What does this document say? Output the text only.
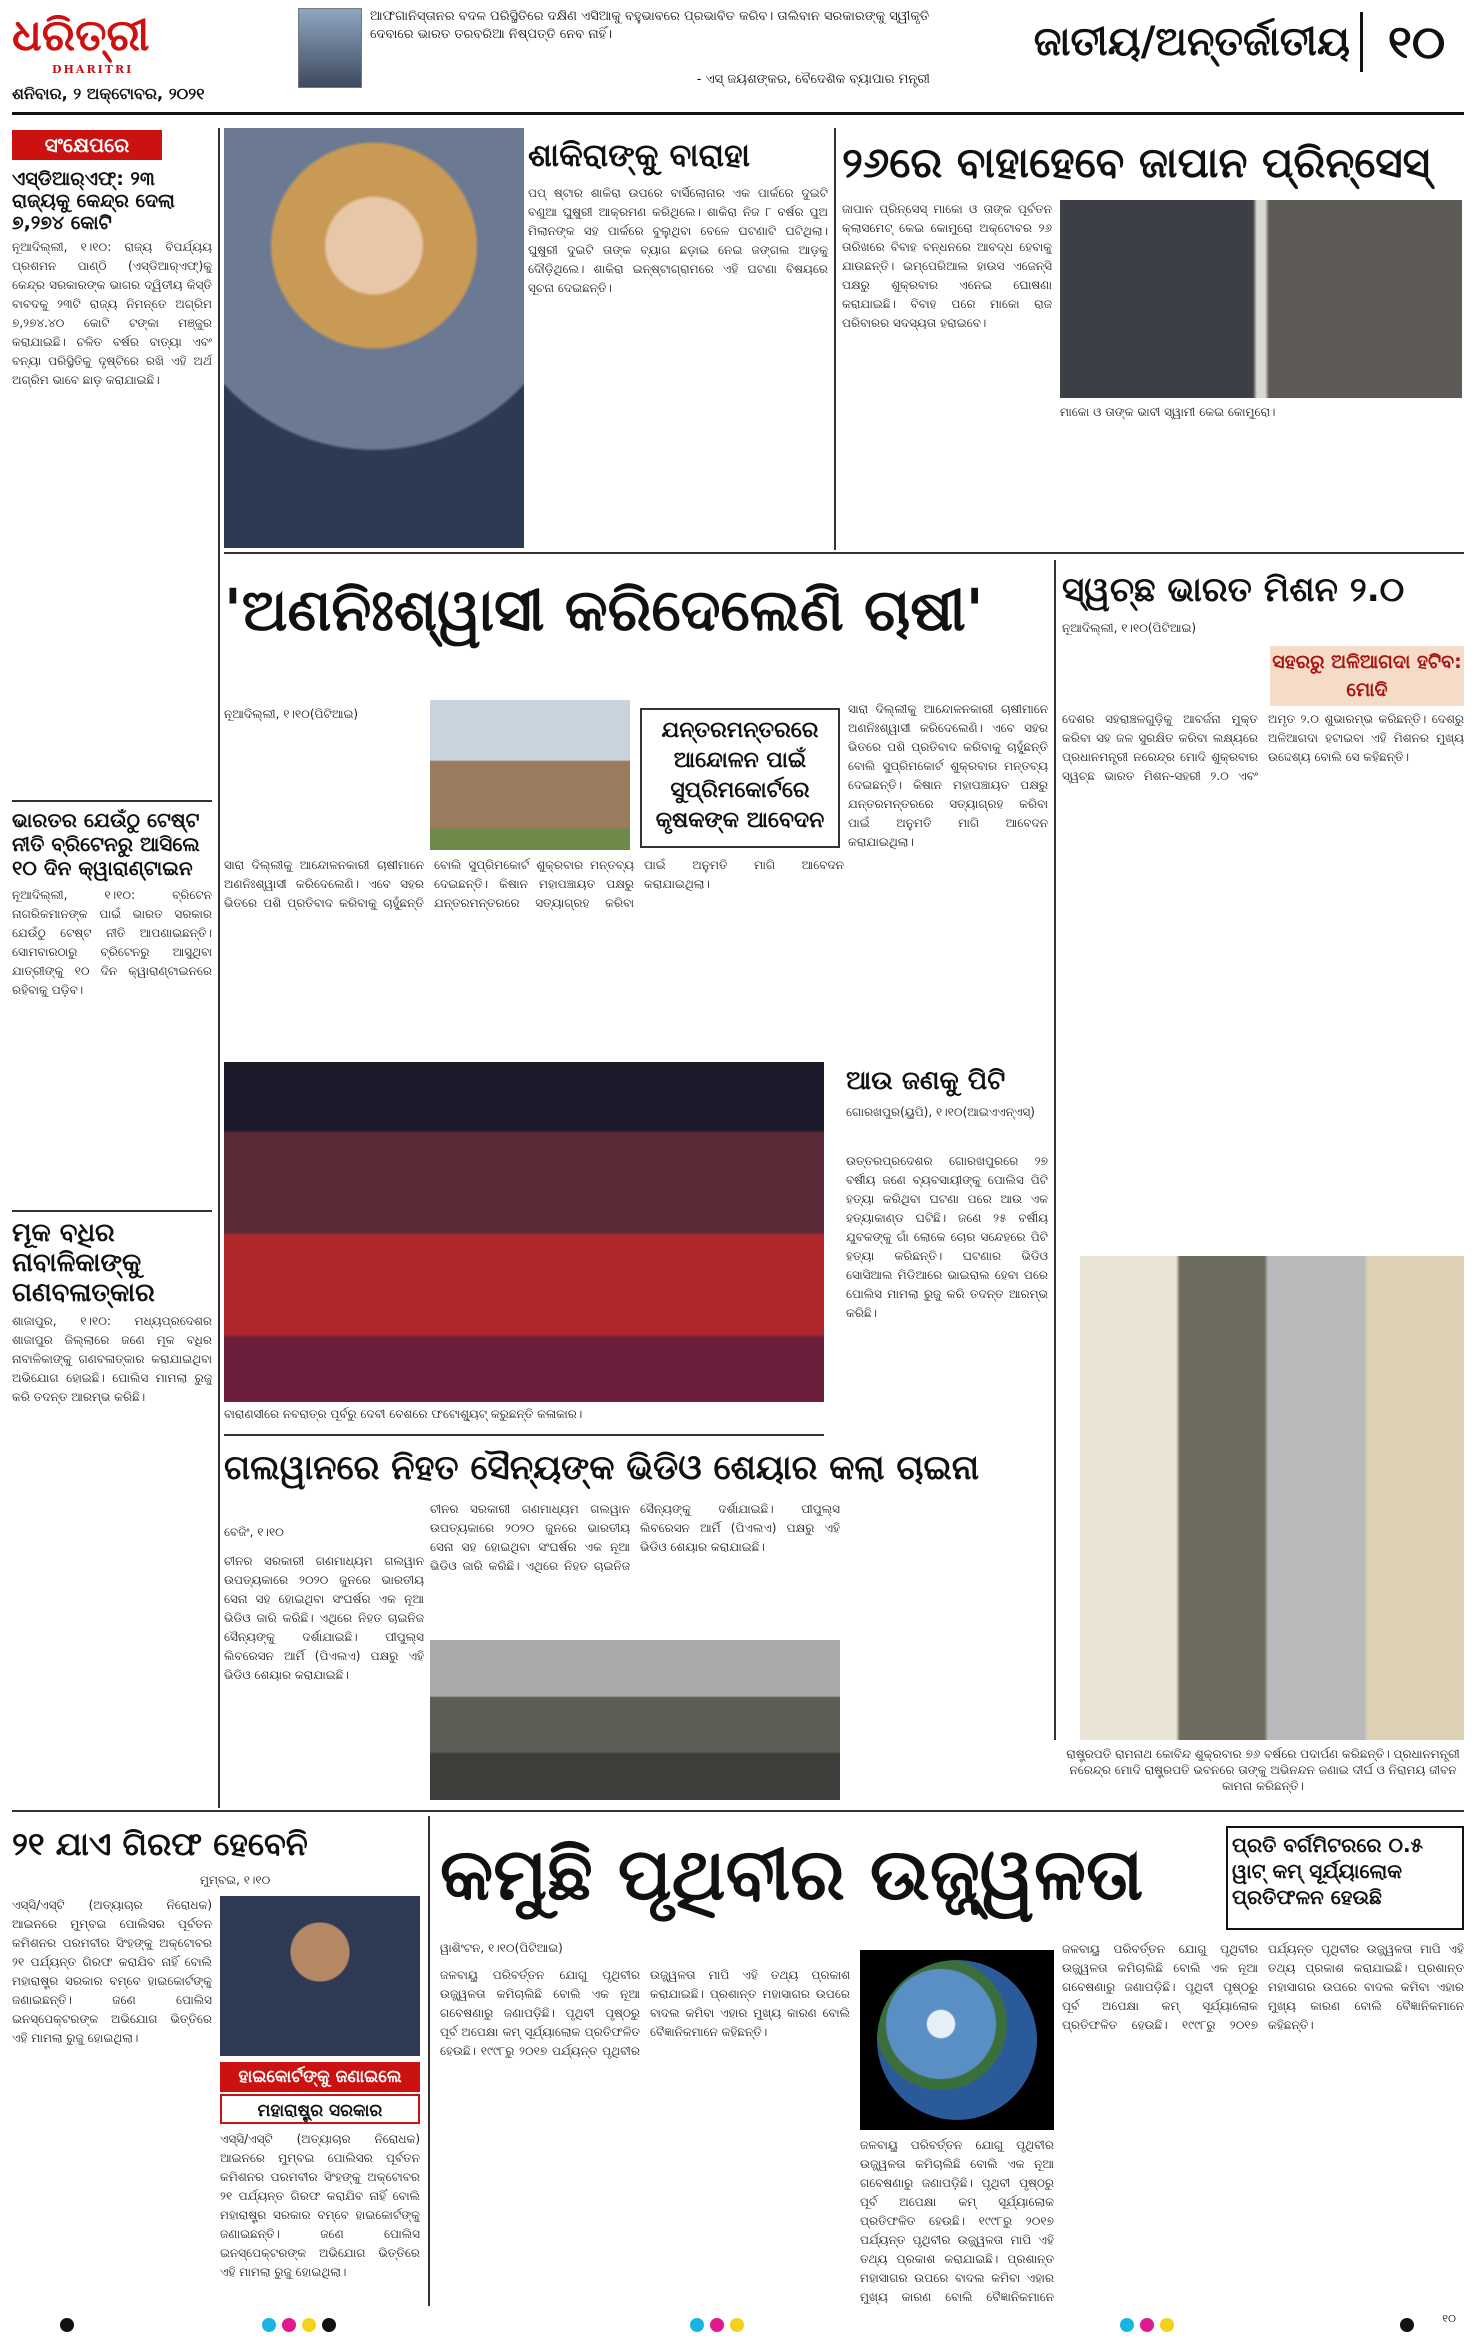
ଧରିତ୍ରୀ
DHARITRI
ଶନିବାର, ୨ ଅକ୍ଟୋବର, ୨୦୨୧
ଆଫଗାନିସ୍ତାନର ବଦଳ ପରିସ୍ଥିତିରେ ଦକ୍ଷିଣ ଏସିଆକୁ ବହୁଭାବରେ ପ୍ରଭାବିତ କରିବ। ତାଲିବାନ ସରକାରଙ୍କୁ ସ୍ୱୀକୃତି ଦେବାରେ ଭାରତ ତରବରିଆ ନିଷ୍ପତ୍ତି ନେବ ନାହିଁ।
- ଏସ୍ ଜୟଶଙ୍କର, ବୈଦେଶିକ ବ୍ୟାପାର ମନ୍ତ୍ରୀ
ଜାତୀୟ/ଅନ୍ତର୍ଜାତୀୟ ୧୦
ସଂକ୍ଷେପରେ
ଏସ୍‌ଡିଆର୍‌ଏଫ୍: ୨୩ ରାଜ୍ୟକୁ କେନ୍ଦ୍ର ଦେଲା ୭,୨୭୪ କୋଟି
ନୂଆଦିଲ୍ଲୀ, ୧।୧୦: ରାଜ୍ୟ ବିପର୍ଯ୍ୟୟ ପ୍ରଶମନ ପାଣ୍ଠି (ଏସ୍‌ଡିଆର୍‌ଏଫ୍)କୁ କେନ୍ଦ୍ର ସରକାରଙ୍କ ଭାଗର ଦ୍ୱିତୀୟ କିସ୍ତି ବାବଦକୁ ୨୩ଟି ରାଜ୍ୟ ନିମନ୍ତେ ଅଗ୍ରିମ ୭,୨୭୪.୪୦ କୋଟି ଟଙ୍କା ମଞ୍ଜୁର କରାଯାଇଛି। ଚଳିତ ବର୍ଷର ବାତ୍ୟା ଏବଂ ବନ୍ୟା ପରିସ୍ଥିତିକୁ ଦୃଷ୍ଟିରେ ରଖି ଏହି ଅର୍ଥ ଅଗ୍ରିମ ଭାବେ ଛାଡ଼ କରାଯାଇଛି।
ଭାରତର ଯେଉଁଠୁ ଟେଷ୍ଟ ନୀତି ବ୍ରିଟେନରୁ ଆସିଲେ ୧୦ ଦିନ କ୍ୱାରାଣ୍ଟାଇନ
ନୂଆଦିଲ୍ଲୀ, ୧।୧୦: ବ୍ରିଟେନ ନାଗରିକମାନଙ୍କ ପାଇଁ ଭାରତ ସରକାର ଯେଉଁଠୁ ଟେଷ୍ଟ ନୀତି ଆପଣାଇଛନ୍ତି। ସୋମବାରଠାରୁ ବ୍ରିଟେନରୁ ଆସୁଥିବା ଯାତ୍ରୀଙ୍କୁ ୧୦ ଦିନ କ୍ୱାରାଣ୍ଟାଇନରେ ରହିବାକୁ ପଡ଼ିବ।
ମୂକ ବଧିର ନାବାଳିକାଙ୍କୁ ଗଣବଳାତ୍କାର
ଶାଜାପୁର, ୧।୧୦: ମଧ୍ୟପ୍ରଦେଶର ଶାଜାପୁର ଜିଲ୍ଲାରେ ଜଣେ ମୂକ ବଧିର ନାବାଳିକାଙ୍କୁ ଗଣବଳାତ୍କାର କରାଯାଇଥିବା ଅଭିଯୋଗ ହୋଇଛି। ପୋଲିସ ମାମଲା ରୁଜୁ କରି ତଦନ୍ତ ଆରମ୍ଭ କରିଛି।
ଶାକିରାଙ୍କୁ ବାରାହା
ପପ୍ ଷ୍ଟାର ଶାକିରା ଉପରେ ବାର୍ସିଲୋନାର ଏକ ପାର୍କରେ ଦୁଇଟି ବଣୁଆ ଘୁଷୁରୀ ଆକ୍ରମଣ କରିଥିଲେ। ଶାକିରା ନିଜ ୮ ବର୍ଷର ପୁଅ ମିଲାନଙ୍କ ସହ ପାର୍କରେ ବୁଲୁଥିବା ବେଳେ ଘଟଣାଟି ଘଟିଥିଲା। ଘୁଷୁରୀ ଦୁଇଟି ତାଙ୍କ ବ୍ୟାଗ ଛଡ଼ାଇ ନେଇ ଜଙ୍ଗଲ ଆଡ଼କୁ ଦୌଡ଼ିଥିଲେ। ଶାକିରା ଇନ୍‌ଷ୍ଟାଗ୍ରାମରେ ଏହି ଘଟଣା ବିଷୟରେ ସୂଚନା ଦେଇଛନ୍ତି।
୨୬ରେ ବାହାହେବେ ଜାପାନ ପ୍ରିନ୍‌ସେସ୍
ଜାପାନ ପ୍ରିନ୍‌ସେସ୍ ମାକୋ ଓ ତାଙ୍କ ପୂର୍ବତନ କ୍ଲାସମେଟ୍ କେଇ କୋମୁରୋ ଅକ୍ଟୋବର ୨୬ ତାରିଖରେ ବିବାହ ବନ୍ଧନରେ ଆବଦ୍ଧ ହେବାକୁ ଯାଉଛନ୍ତି। ଇମ୍ପେରିଆଲ ହାଉସ ଏଜେନ୍ସି ପକ୍ଷରୁ ଶୁକ୍ରବାର ଏନେଇ ଘୋଷଣା କରାଯାଇଛି। ବିବାହ ପରେ ମାକୋ ରାଜ ପରିବାରର ସଦସ୍ୟତା ହରାଇବେ।
ମାକୋ ଓ ତାଙ୍କ ଭାବୀ ସ୍ୱାମୀ କେଇ କୋମୁରୋ।
'ଅଣନିଃଶ୍ୱାସୀ କରିଦେଲେଣି ଚାଷୀ'
ନୂଆଦିଲ୍ଲୀ, ୧।୧୦(ପିଟିଆଇ)
ଯନ୍ତରମନ୍ତରରେ ଆନ୍ଦୋଳନ ପାଇଁ ସୁପ୍ରିମକୋର୍ଟରେ କୃଷକଙ୍କ ଆବେଦନ
ସାରା ଦିଲ୍ଲୀକୁ ଆନ୍ଦୋଳନକାରୀ ଚାଷୀମାନେ ଅଣନିଃଶ୍ୱାସୀ କରିଦେଲେଣି। ଏବେ ସହର ଭିତରେ ପଶି ପ୍ରତିବାଦ କରିବାକୁ ଚାହୁଁଛନ୍ତି ବୋଲି ସୁପ୍ରିମକୋର୍ଟ ଶୁକ୍ରବାର ମନ୍ତବ୍ୟ ଦେଇଛନ୍ତି। କିଷାନ ମହାପଞ୍ଚାୟତ ପକ୍ଷରୁ ଯନ୍ତରମନ୍ତରରେ ସତ୍ୟାଗ୍ରହ କରିବା ପାଇଁ ଅନୁମତି ମାଗି ଆବେଦନ କରାଯାଇଥିଲା।
ସାରା ଦିଲ୍ଲୀକୁ ଆନ୍ଦୋଳନକାରୀ ଚାଷୀମାନେ ଅଣନିଃଶ୍ୱାସୀ କରିଦେଲେଣି। ଏବେ ସହର ଭିତରେ ପଶି ପ୍ରତିବାଦ କରିବାକୁ ଚାହୁଁଛନ୍ତି ବୋଲି ସୁପ୍ରିମକୋର୍ଟ ଶୁକ୍ରବାର ମନ୍ତବ୍ୟ ଦେଇଛନ୍ତି। କିଷାନ ମହାପଞ୍ଚାୟତ ପକ୍ଷରୁ ଯନ୍ତରମନ୍ତରରେ ସତ୍ୟାଗ୍ରହ କରିବା ପାଇଁ ଅନୁମତି ମାଗି ଆବେଦନ କରାଯାଇଥିଲା।
ସ୍ୱଚ୍ଛ ଭାରତ ମିଶନ ୨.୦
ନୂଆଦିଲ୍ଲୀ, ୧।୧୦(ପିଟିଆଇ)
ସହରରୁ ଅଳିଆଗଦା ହଟିବ: ମୋଦି
ଦେଶର ସହରାଞ୍ଚଳଗୁଡ଼ିକୁ ଆବର୍ଜନା ମୁକ୍ତ କରିବା ସହ ଜଳ ସୁରକ୍ଷିତ କରିବା ଲକ୍ଷ୍ୟରେ ପ୍ରଧାନମନ୍ତ୍ରୀ ନରେନ୍ଦ୍ର ମୋଦି ଶୁକ୍ରବାର ସ୍ୱଚ୍ଛ ଭାରତ ମିଶନ-ସହରୀ ୨.୦ ଏବଂ ଅମୃତ ୨.୦ ଶୁଭାରମ୍ଭ କରିଛନ୍ତି। ଦେଶରୁ ଅଳିଆଗଦା ହଟାଇବା ଏହି ମିଶନର ମୁଖ୍ୟ ଉଦ୍ଦେଶ୍ୟ ବୋଲି ସେ କହିଛନ୍ତି।
ବାରାଣସୀରେ ନବରାତ୍ର ପୂର୍ବରୁ ଦେବୀ ବେଶରେ ଫଟୋଶ୍ୟୁଟ୍ କରୁଛନ୍ତି କଳାକାର।
ଆଉ ଜଣକୁ ପିଟି
ଗୋରଖପୁର(ୟୁପି), ୧।୧୦(ଆଇଏଏନ୍‌ଏସ୍)
ଉତ୍ତରପ୍ରଦେଶର ଗୋରଖପୁରରେ ୨୭ ବର୍ଷୀୟ ଜଣେ ବ୍ୟବସାୟୀଙ୍କୁ ପୋଲିସ ପିଟି ହତ୍ୟା କରିଥିବା ଘଟଣା ପରେ ଆଉ ଏକ ହତ୍ୟାକାଣ୍ଡ ଘଟିଛି। ଜଣେ ୨୫ ବର୍ଷୀୟ ଯୁବକଙ୍କୁ ଗାଁ ଲୋକେ ଚୋର ସନ୍ଦେହରେ ପିଟି ହତ୍ୟା କରିଛନ୍ତି। ଘଟଣାର ଭିଡିଓ ସୋସିଆଲ ମିଡିଆରେ ଭାଇରାଲ ହେବା ପରେ ପୋଲିସ ମାମଲା ରୁଜୁ କରି ତଦନ୍ତ ଆରମ୍ଭ କରିଛି।
ରାଷ୍ଟ୍ରପତି ରାମନାଥ କୋବିନ୍ଦ ଶୁକ୍ରବାର ୭୬ ବର୍ଷରେ ପଦାର୍ପଣ କରିଛନ୍ତି। ପ୍ରଧାନମନ୍ତ୍ରୀ ନରେନ୍ଦ୍ର ମୋଦି ରାଷ୍ଟ୍ରପତି ଭବନରେ ତାଙ୍କୁ ଅଭିନନ୍ଦନ ଜଣାଇ ଦୀର୍ଘ ଓ ନିରାମୟ ଜୀବନ କାମନା କରିଛନ୍ତି।
ଗଲୱାନରେ ନିହତ ସୈନ୍ୟଙ୍କ ଭିଡିଓ ଶେୟାର କଲା ଚାଇନା
ବେଜିଂ, ୧।୧୦
ଚୀନର ସରକାରୀ ଗଣମାଧ୍ୟମ ଗଲୱାନ ଉପତ୍ୟକାରେ ୨୦୨୦ ଜୁନରେ ଭାରତୀୟ ସେନା ସହ ହୋଇଥିବା ସଂଘର୍ଷର ଏକ ନୂଆ ଭିଡିଓ ଜାରି କରିଛି। ଏଥିରେ ନିହତ ଚାଇନିଜ ସୈନ୍ୟଙ୍କୁ ଦର୍ଶାଯାଇଛି। ପୀପୁଲ୍ସ ଲିବରେସନ ଆର୍ମି (ପିଏଲଏ) ପକ୍ଷରୁ ଏହି ଭିଡିଓ ଶେୟାର କରାଯାଇଛି।
ଚୀନର ସରକାରୀ ଗଣମାଧ୍ୟମ ଗଲୱାନ ଉପତ୍ୟକାରେ ୨୦୨୦ ଜୁନରେ ଭାରତୀୟ ସେନା ସହ ହୋଇଥିବା ସଂଘର୍ଷର ଏକ ନୂଆ ଭିଡିଓ ଜାରି କରିଛି। ଏଥିରେ ନିହତ ଚାଇନିଜ ସୈନ୍ୟଙ୍କୁ ଦର୍ଶାଯାଇଛି। ପୀପୁଲ୍ସ ଲିବରେସନ ଆର୍ମି (ପିଏଲଏ) ପକ୍ଷରୁ ଏହି ଭିଡିଓ ଶେୟାର କରାଯାଇଛି।
୨୧ ଯାଏ ଗିରଫ ହେବେନି
ମୁମ୍ବଇ, ୧।୧୦
ଏସ୍‌ସି/ଏସ୍‌ଟି (ଅତ୍ୟାଚାର ନିରୋଧକ) ଆଇନରେ ମୁମ୍ବଇ ପୋଲିସର ପୂର୍ବତନ କମିଶନର ପରମବୀର ସିଂହଙ୍କୁ ଅକ୍ଟୋବର ୨୧ ପର୍ଯ୍ୟନ୍ତ ଗିରଫ କରାଯିବ ନାହିଁ ବୋଲି ମହାରାଷ୍ଟ୍ର ସରକାର ବମ୍ବେ ହାଇକୋର୍ଟଙ୍କୁ ଜଣାଇଛନ୍ତି। ଜଣେ ପୋଲିସ ଇନସ୍ପେକ୍ଟରଙ୍କ ଅଭିଯୋଗ ଭିତ୍ତିରେ ଏହି ମାମଲା ରୁଜୁ ହୋଇଥିଲା।
ହାଇକୋର୍ଟଙ୍କୁ ଜଣାଇଲେ
ମହାରାଷ୍ଟ୍ର ସରକାର
ଏସ୍‌ସି/ଏସ୍‌ଟି (ଅତ୍ୟାଚାର ନିରୋଧକ) ଆଇନରେ ମୁମ୍ବଇ ପୋଲିସର ପୂର୍ବତନ କମିଶନର ପରମବୀର ସିଂହଙ୍କୁ ଅକ୍ଟୋବର ୨୧ ପର୍ଯ୍ୟନ୍ତ ଗିରଫ କରାଯିବ ନାହିଁ ବୋଲି ମହାରାଷ୍ଟ୍ର ସରକାର ବମ୍ବେ ହାଇକୋର୍ଟଙ୍କୁ ଜଣାଇଛନ୍ତି। ଜଣେ ପୋଲିସ ଇନସ୍ପେକ୍ଟରଙ୍କ ଅଭିଯୋଗ ଭିତ୍ତିରେ ଏହି ମାମଲା ରୁଜୁ ହୋଇଥିଲା।
କମୁଛି ପୃଥିବୀର ଉଜ୍ଜ୍ୱଳତା	ପ୍ରତି ବର୍ଗମିଟରରେ ୦.୫ ୱାଟ୍ କମ୍ ସୂର୍ଯ୍ୟାଲୋକ ପ୍ରତିଫଳନ ହେଉଛି
ୱାଶିଂଟନ, ୧।୧୦(ପିଟିଆଇ)
ଜଳବାୟୁ ପରିବର୍ତ୍ତନ ଯୋଗୁ ପୃଥିବୀର ଉଜ୍ଜ୍ୱଳତା କମିଚାଲିଛି ବୋଲି ଏକ ନୂଆ ଗବେଷଣାରୁ ଜଣାପଡ଼ିଛି। ପୃଥିବୀ ପୃଷ୍ଠରୁ ପୂର୍ବ ଅପେକ୍ଷା କମ୍ ସୂର୍ଯ୍ୟାଲୋକ ପ୍ରତିଫଳିତ ହେଉଛି। ୧୯୯୮ରୁ ୨୦୧୭ ପର୍ଯ୍ୟନ୍ତ ପୃଥିବୀର ଉଜ୍ଜ୍ୱଳତା ମାପି ଏହି ତଥ୍ୟ ପ୍ରକାଶ କରାଯାଇଛି। ପ୍ରଶାନ୍ତ ମହାସାଗର ଉପରେ ବାଦଲ କମିବା ଏହାର ମୁଖ୍ୟ କାରଣ ବୋଲି ବୈଜ୍ଞାନିକମାନେ କହିଛନ୍ତି।
ଜଳବାୟୁ ପରିବର୍ତ୍ତନ ଯୋଗୁ ପୃଥିବୀର ଉଜ୍ଜ୍ୱଳତା କମିଚାଲିଛି ବୋଲି ଏକ ନୂଆ ଗବେଷଣାରୁ ଜଣାପଡ଼ିଛି। ପୃଥିବୀ ପୃଷ୍ଠରୁ ପୂର୍ବ ଅପେକ୍ଷା କମ୍ ସୂର୍ଯ୍ୟାଲୋକ ପ୍ରତିଫଳିତ ହେଉଛି। ୧୯୯୮ରୁ ୨୦୧୭ ପର୍ଯ୍ୟନ୍ତ ପୃଥିବୀର ଉଜ୍ଜ୍ୱଳତା ମାପି ଏହି ତଥ୍ୟ ପ୍ରକାଶ କରାଯାଇଛି। ପ୍ରଶାନ୍ତ ମହାସାଗର ଉପରେ ବାଦଲ କମିବା ଏହାର ମୁଖ୍ୟ କାରଣ ବୋଲି ବୈଜ୍ଞାନିକମାନେ
ଜଳବାୟୁ ପରିବର୍ତ୍ତନ ଯୋଗୁ ପୃଥିବୀର ଉଜ୍ଜ୍ୱଳତା କମିଚାଲିଛି ବୋଲି ଏକ ନୂଆ ଗବେଷଣାରୁ ଜଣାପଡ଼ିଛି। ପୃଥିବୀ ପୃଷ୍ଠରୁ ପୂର୍ବ ଅପେକ୍ଷା କମ୍ ସୂର୍ଯ୍ୟାଲୋକ ପ୍ରତିଫଳିତ ହେଉଛି। ୧୯୯୮ରୁ ୨୦୧୭ ପର୍ଯ୍ୟନ୍ତ ପୃଥିବୀର ଉଜ୍ଜ୍ୱଳତା ମାପି ଏହି ତଥ୍ୟ ପ୍ରକାଶ କରାଯାଇଛି। ପ୍ରଶାନ୍ତ ମହାସାଗର ଉପରେ ବାଦଲ କମିବା ଏହାର ମୁଖ୍ୟ କାରଣ ବୋଲି ବୈଜ୍ଞାନିକମାନେ କହିଛନ୍ତି।
୧୦
